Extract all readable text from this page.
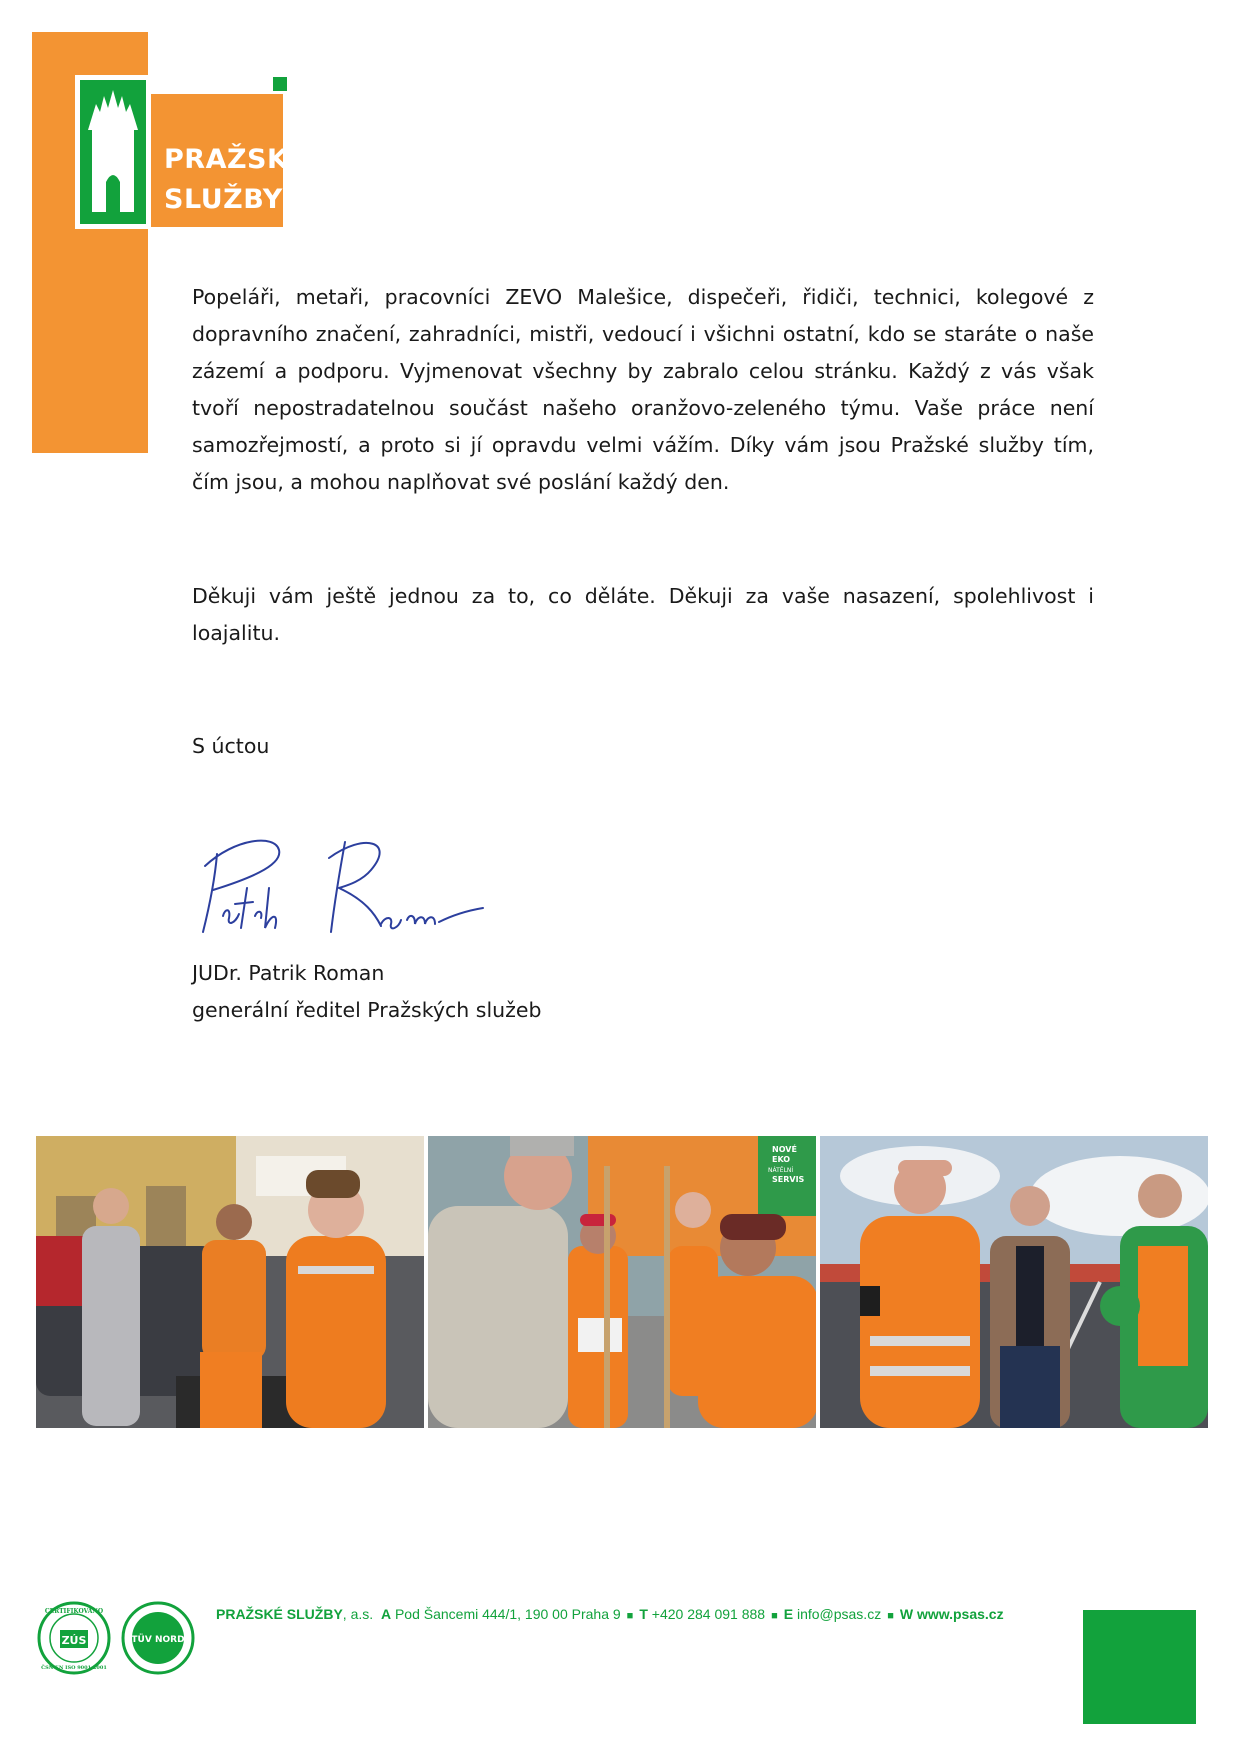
PRAŽSKÉ
SLUŽBY
Popeláři, metaři, pracovníci ZEVO Malešice, dispečeři, řidiči, technici, kolegové z dopravního značení, zahradníci, mistři, vedoucí i všichni ostatní, kdo se staráte o naše zázemí a podporu. Vyjmenovat všechny by zabralo celou stránku. Každý z vás však tvoří nepostradatelnou součást našeho oranžovo-zeleného týmu. Vaše práce není samozřejmostí, a proto si jí opravdu velmi vážím. Díky vám jsou Pražské služby tím, čím jsou, a mohou naplňovat své poslání každý den.
Děkuji vám ještě jednou za to, co děláte. Děkuji za vaše nasazení, spolehlivost i loajalitu.
S úctou
JUDr. Patrik Roman
generální ředitel Pražských služeb
NOVÉ
EKO
NÁTĚLNÍ
SERVIS
ZÚS
CERTIFIKOVÁNO
ČSN EN ISO 9001:2001
TÜV NORD
PRAŽSKÉ SLUŽBY, a.s. A Pod Šancemi 444/1, 190 00 Praha 9 ■ T +420 284 091 888 ■ E info@psas.cz ■ W www.psas.cz
